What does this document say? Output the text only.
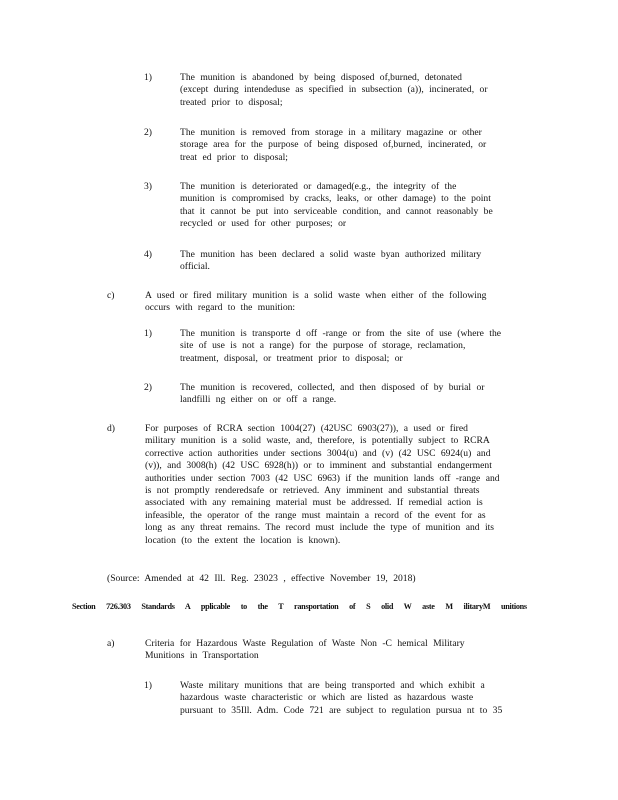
1)	The munition is abandoned by being disposed of,burned, detonated
(except during intendeduse as specified in subsection (a)), incinerated, or
treated prior to disposal;
2)	The munition is removed from storage in a military magazine or other
storage area for the purpose of being disposed of,burned, incinerated, or
treat ed prior to disposal;
3)	The munition is deteriorated or damaged(e.g., the integrity of the
munition is compromised by cracks, leaks, or other damage) to the point
that it cannot be put into serviceable condition, and cannot reasonably be
recycled or used for other purposes; or
4)	The munition has been declared a solid waste byan authorized military
official.
c)	A used or fired military munition is a solid waste when either of the following
occurs with regard to the munition:
1)	The munition is transporte d off -range or from the site of use (where the
site of use is not a range) for the purpose of storage, reclamation,
treatment, disposal, or treatment prior to disposal; or
2)	The munition is recovered, collected, and then disposed of by burial or
landfilli ng either on or off a range.
d)	For purposes of RCRA section 1004(27) (42USC 6903(27)), a used or fired
military munition is a solid waste, and, therefore, is potentially subject to RCRA
corrective action authorities under sections 3004(u) and (v) (42 USC 6924(u) and
(v)), and 3008(h) (42 USC 6928(h)) or to imminent and substantial endangerment
authorities under section 7003 (42 USC 6963) if the munition lands off -range and
is not promptly renderedsafe or retrieved. Any imminent and substantial threats
associated with any remaining material must be addressed. If remedial action is
infeasible, the operator of the range must maintain a record of the event for as
long as any threat remains. The record must include the type of munition and its
location (to the extent the location is known).
(Source: Amended at 42 Ill. Reg. 23023 , effective November 19, 2018)
Section 726.303 Standards A pplicable to the T ransportation of S olid W aste M ilitaryM unitions
a)	Criteria for Hazardous Waste Regulation of Waste Non -C hemical Military
Munitions in Transportation
1)	Waste military munitions that are being transported and which exhibit a
hazardous waste characteristic or which are listed as hazardous waste
pursuant to 35Ill. Adm. Code 721 are subject to regulation pursua nt to 35
